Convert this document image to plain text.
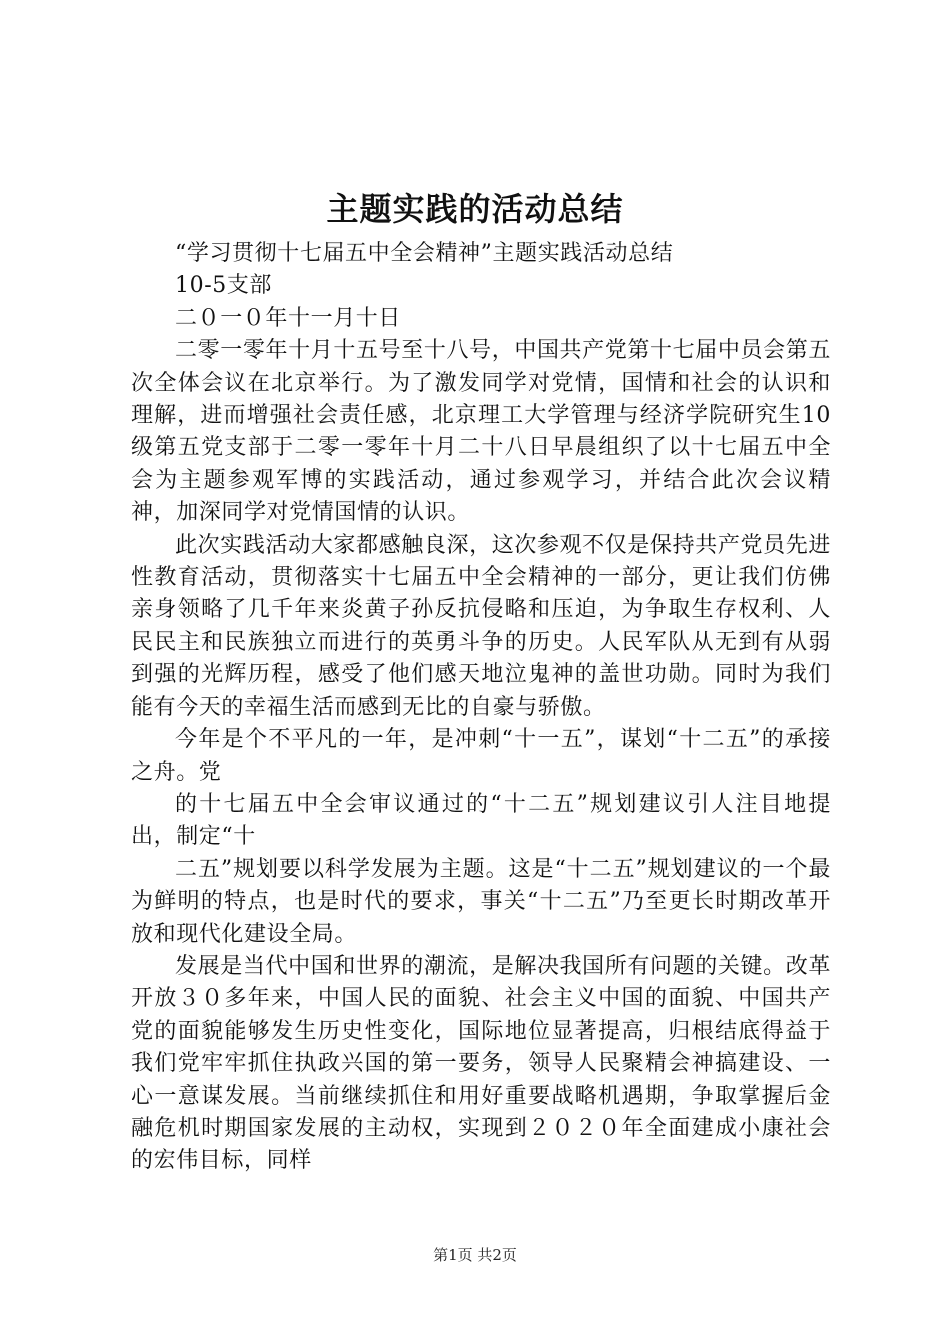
主题实践的活动总结

“学习贯彻十七届五中全会精神”主题实践活动总结

10-5支部

二０一０年十一月十日

二零一零年十月十五号至十八号，中国共产党第十七届中员会第五次全体会议在北京举行。为了激发同学对党情，国情和社会的认识和理解，进而增强社会责任感，北京理工大学管理与经济学院研究生10级第五党支部于二零一零年十月二十八日早晨组织了以十七届五中全会为主题参观军博的实践活动，通过参观学习，并结合此次会议精神，加深同学对党情国情的认识。

此次实践活动大家都感触良深，这次参观不仅是保持共产党员先进性教育活动，贯彻落实十七届五中全会精神的一部分，更让我们仿佛亲身领略了几千年来炎黄子孙反抗侵略和压迫，为争取生存权利、人民民主和民族独立而进行的英勇斗争的历史。人民军队从无到有从弱到强的光辉历程，感受了他们感天地泣鬼神的盖世功勋。同时为我们能有今天的幸福生活而感到无比的自豪与骄傲。

今年是个不平凡的一年，是冲刺“十一五”，谋划“十二五”的承接之舟。党

的十七届五中全会审议通过的“十二五”规划建议引人注目地提出，制定“十

二五”规划要以科学发展为主题。这是“十二五”规划建议的一个最为鲜明的特点，也是时代的要求，事关“十二五”乃至更长时期改革开放和现代化建设全局。

发展是当代中国和世界的潮流，是解决我国所有问题的关键。改革开放３０多年来，中国人民的面貌、社会主义中国的面貌、中国共产党的面貌能够发生历史性变化，国际地位显著提高，归根结底得益于我们党牢牢抓住执政兴国的第一要务，领导人民聚精会神搞建设、一心一意谋发展。当前继续抓住和用好重要战略机遇期，争取掌握后金融危机时期国家发展的主动权，实现到２０２０年全面建成小康社会的宏伟目标，同样

第1页 共2页
